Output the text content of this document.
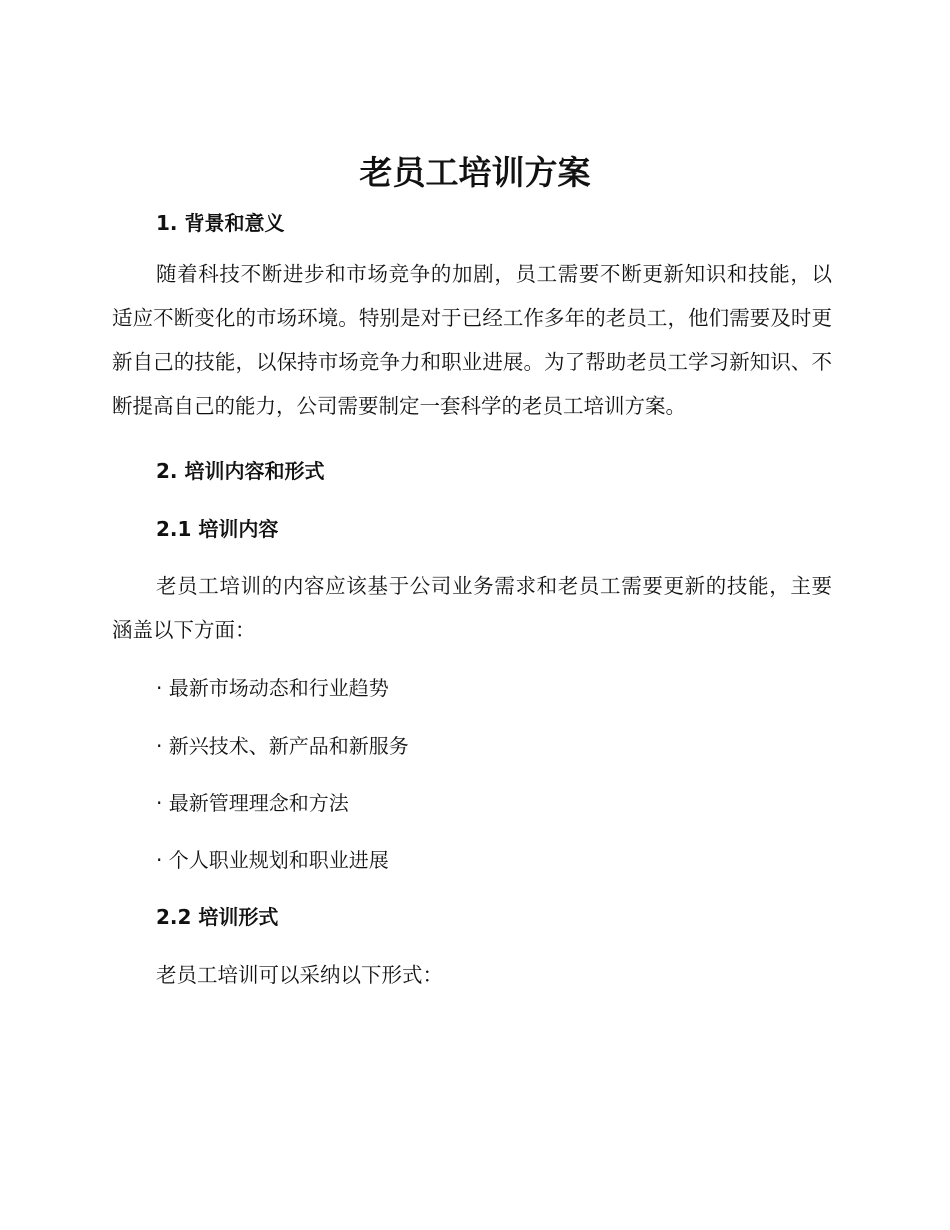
老员工培训方案
1. 背景和意义

随着科技不断进步和市场竞争的加剧，员工需要不断更新知识和技能，以适应不断变化的市场环境。特别是对于已经工作多年的老员工，他们需要及时更新自己的技能，以保持市场竞争力和职业进展。为了帮助老员工学习新知识、不断提高自己的能力，公司需要制定一套科学的老员工培训方案。

2. 培训内容和形式
2.1 培训内容

老员工培训的内容应该基于公司业务需求和老员工需要更新的技能，主要涵盖以下方面：

· 最新市场动态和行业趋势

· 新兴技术、新产品和新服务

· 最新管理理念和方法

· 个人职业规划和职业进展

2.2 培训形式

老员工培训可以采纳以下形式：
